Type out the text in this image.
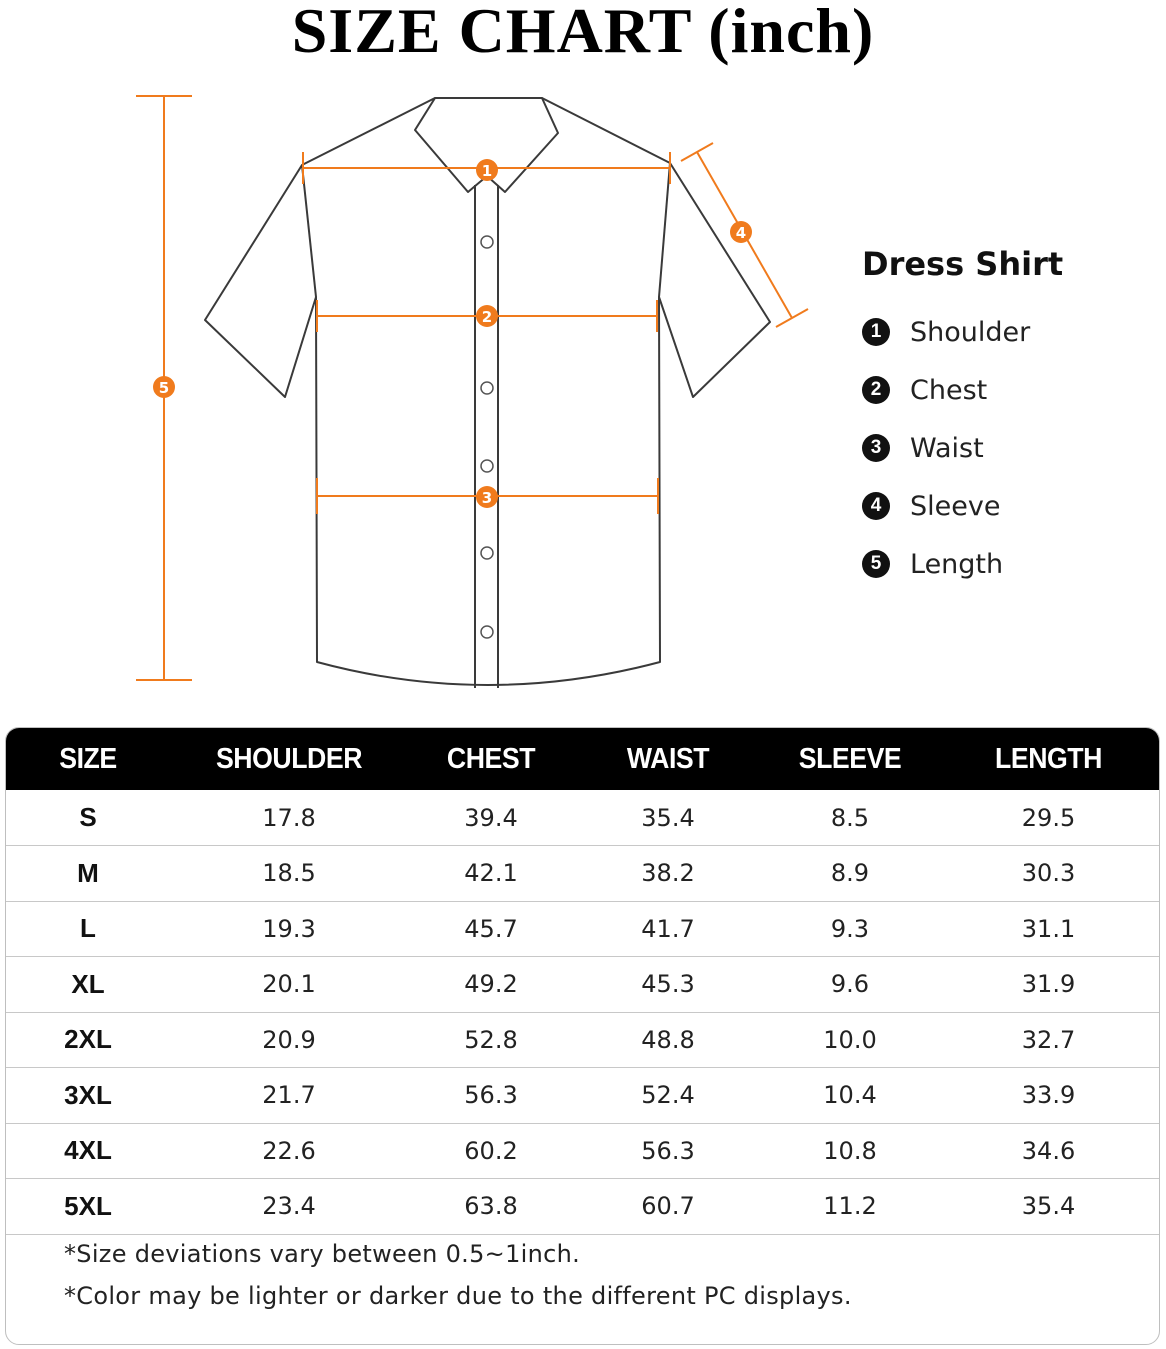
SIZE CHART (inch)
1
2
3
4
5
Dress Shirt
1	Shoulder
2	Chest
3	Waist
4	Sleeve
5	Length
SIZE	SHOULDER	CHEST	WAIST	SLEEVE	LENGTH
S	17.8	39.4	35.4	8.5	29.5
M	18.5	42.1	38.2	8.9	30.3
L	19.3	45.7	41.7	9.3	31.1
XL	20.1	49.2	45.3	9.6	31.9
2XL	20.9	52.8	48.8	10.0	32.7
3XL	21.7	56.3	52.4	10.4	33.9
4XL	22.6	60.2	56.3	10.8	34.6
5XL	23.4	63.8	60.7	11.2	35.4
*Size deviations vary between 0.5~1inch.
*Color may be lighter or darker due to the different PC displays.
